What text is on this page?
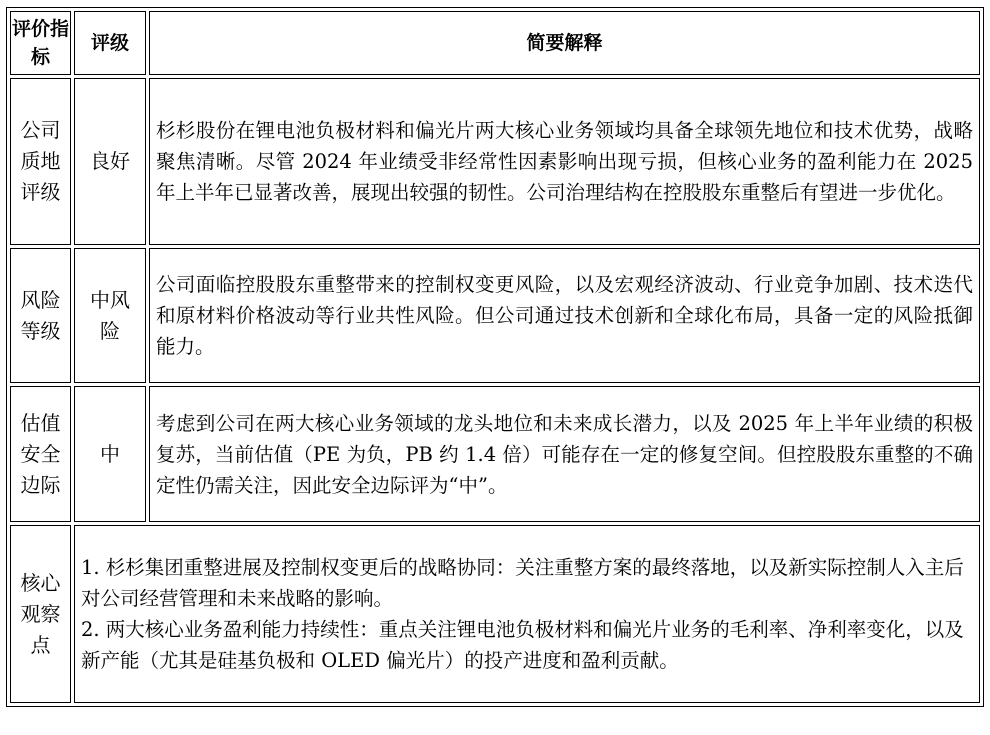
评价指标	评级	简要解释
公司质地评级	良好	杉杉股份在锂电池负极材料和偏光片两大核心业务领域均具备全球领先地位和技术优势，战略聚焦清晰。尽管 2024 年业绩受非经常性因素影响出现亏损，但核心业务的盈利能力在 2025 年上半年已显著改善，展现出较强的韧性。公司治理结构在控股股东重整后有望进一步优化。
风险等级	中风险	公司面临控股股东重整带来的控制权变更风险，以及宏观经济波动、行业竞争加剧、技术迭代和原材料价格波动等行业共性风险。但公司通过技术创新和全球化布局，具备一定的风险抵御能力。
估值安全边际	中	考虑到公司在两大核心业务领域的龙头地位和未来成长潜力，以及 2025 年上半年业绩的积极复苏，当前估值（PE 为负，PB 约 1.4 倍）可能存在一定的修复空间。但控股股东重整的不确定性仍需关注，因此安全边际评为“中”。
核心观察点	1. 杉杉集团重整进展及控制权变更后的战略协同：关注重整方案的最终落地，以及新实际控制人入主后对公司经营管理和未来战略的影响。

2. 两大核心业务盈利能力持续性：重点关注锂电池负极材料和偏光片业务的毛利率、净利率变化，以及新产能（尤其是硅基负极和 OLED 偏光片）的投产进度和盈利贡献。	
